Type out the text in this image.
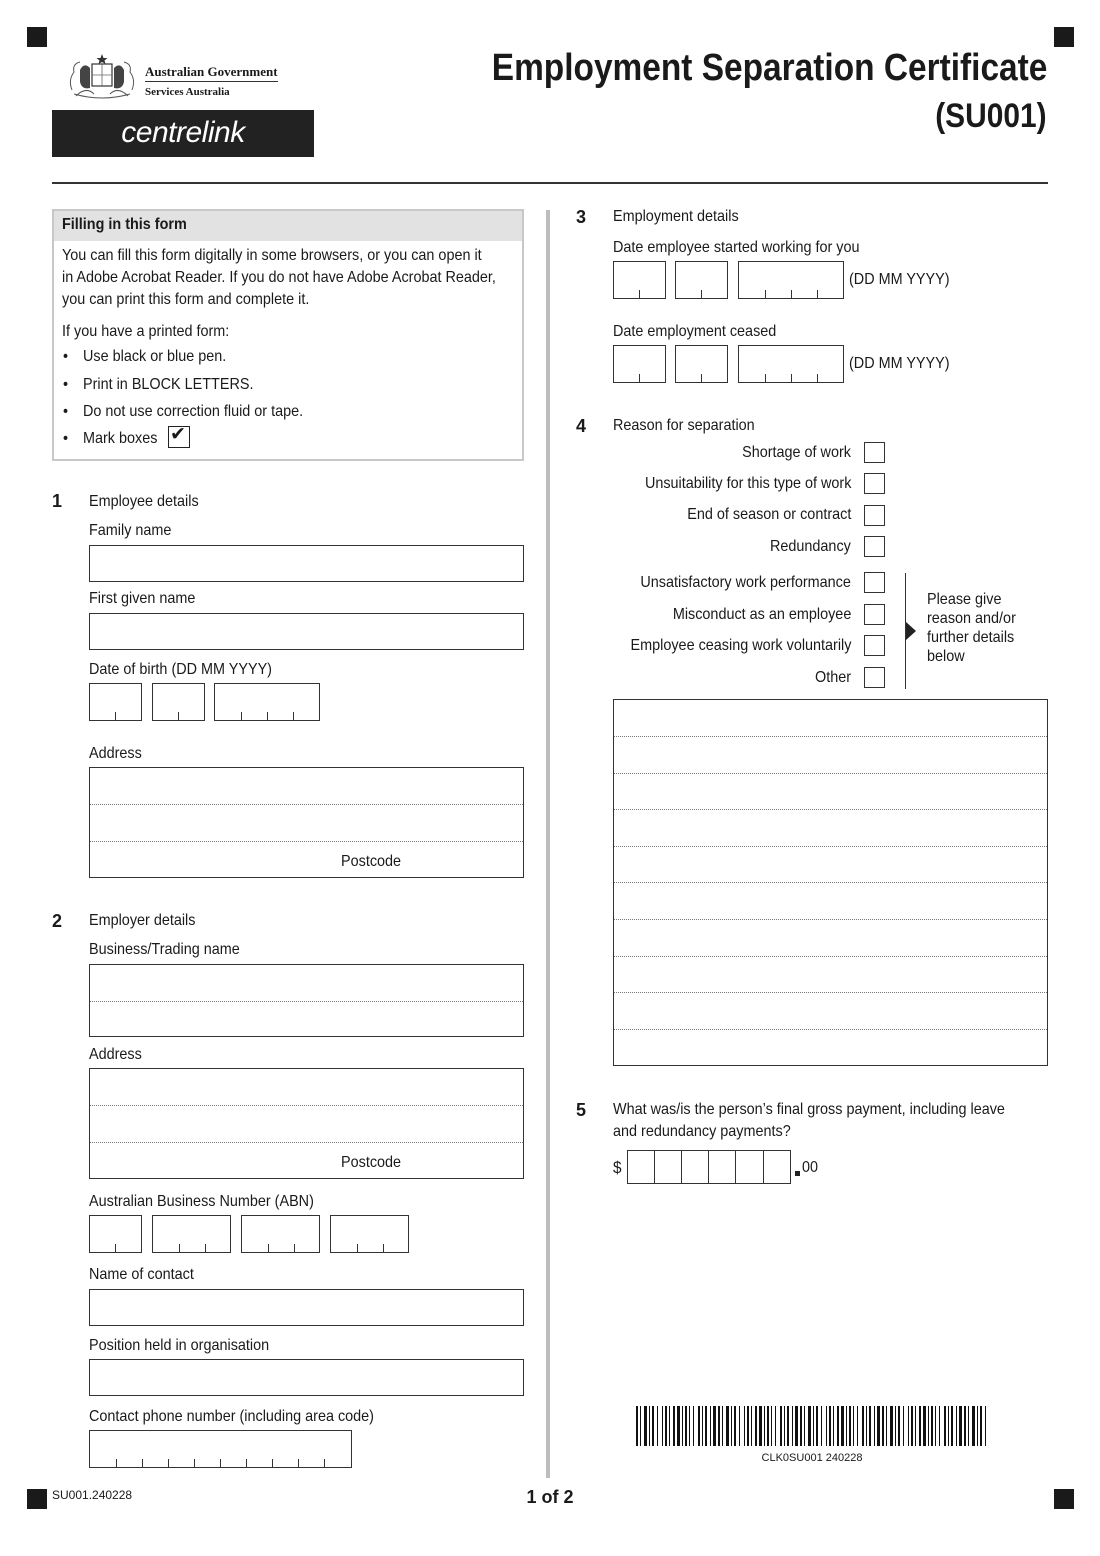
Australian Government
Services Australia
centrelink
Employment Separation Certificate
(SU001)
Filling in this form
You can fill this form digitally in some browsers, or you can open it
in Adobe Acrobat Reader. If you do not have Adobe Acrobat Reader,
you can print this form and complete it.
If you have a printed form:
• Use black or blue pen.
• Print in BLOCK LETTERS.
• Do not use correction fluid or tape.
• Mark boxes ✔
1 Employee details
Family name
First given name
Date of birth (DD MM YYYY)
Address
Postcode
2 Employer details
Business/Trading name
Address
Postcode
Australian Business Number (ABN)
Name of contact
Position held in organisation
Contact phone number (including area code)
3 Employment details
Date employee started working for you
(DD MM YYYY)
Date employment ceased
(DD MM YYYY)
4 Reason for separation
Shortage of work
Unsuitability for this type of work
End of season or contract
Redundancy
Unsatisfactory work performance
Misconduct as an employee
Employee ceasing work voluntarily
Other
Please give
reason and/or
further details
below
5 What was/is the person’s final gross payment, including leave
and redundancy payments?
$	00
CLK0SU001 240228
SU001.240228	1 of 2
